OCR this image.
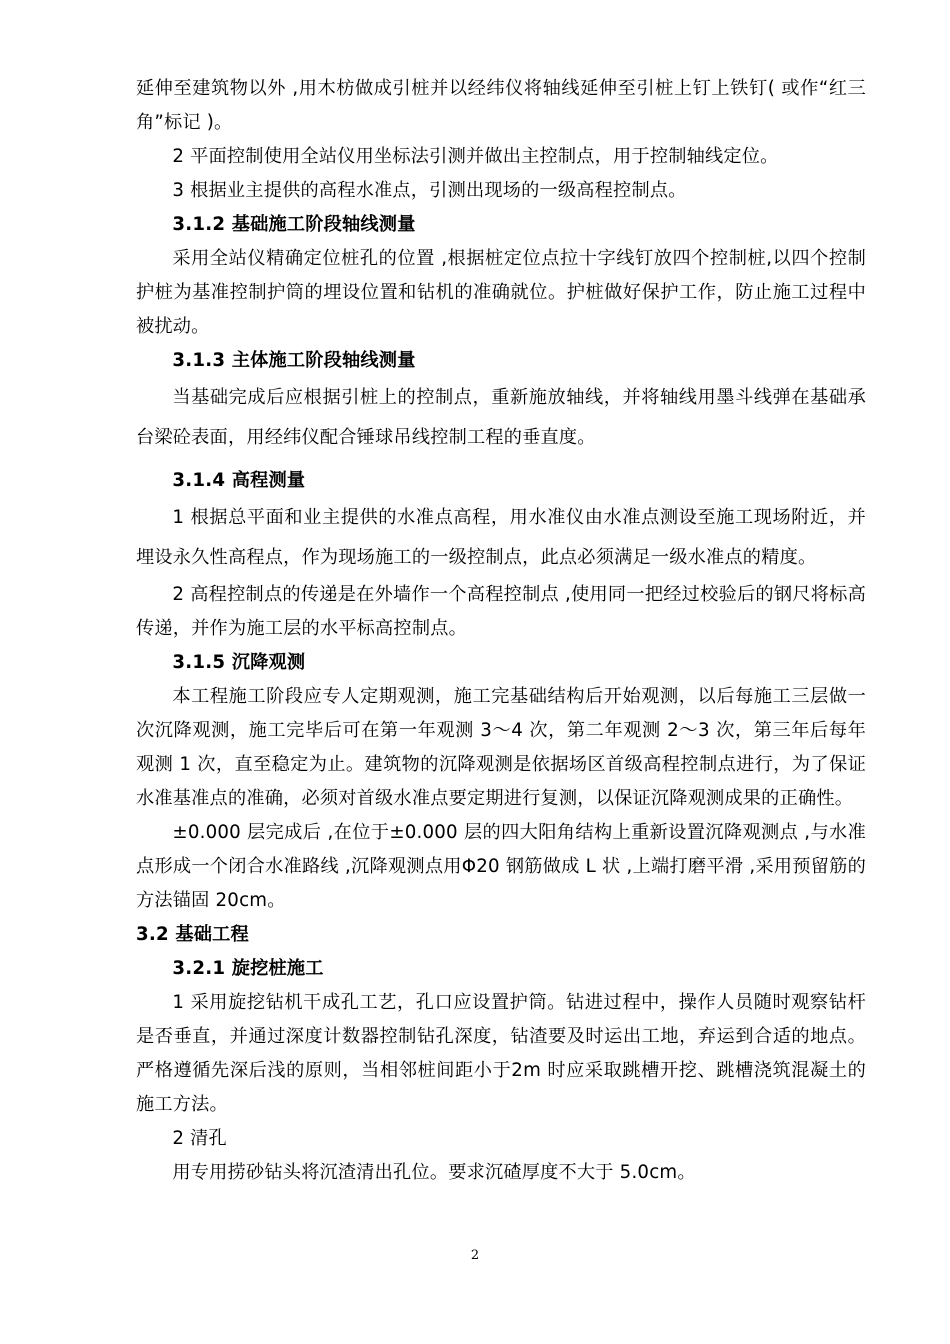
延伸至建筑物以外 ,用木枋做成引桩并以经纬仪将轴线延伸至引桩上钉上铁钉( 或作“红三角”标记 )。

2 平面控制使用全站仪用坐标法引测并做出主控制点，用于控制轴线定位。

3 根据业主提供的高程水准点，引测出现场的一级高程控制点。

3.1.2 基础施工阶段轴线测量

采用全站仪精确定位桩孔的位置 ,根据桩定位点拉十字线钉放四个控制桩,以四个控制护桩为基准控制护筒的埋设位置和钻机的准确就位。护桩做好保护工作，防止施工过程中被扰动。

3.1.3 主体施工阶段轴线测量

当基础完成后应根据引桩上的控制点，重新施放轴线，并将轴线用墨斗线弹在基础承台梁砼表面，用经纬仪配合锤球吊线控制工程的垂直度。

3.1.4 高程测量

1 根据总平面和业主提供的水准点高程，用水准仪由水准点测设至施工现场附近，并埋设永久性高程点，作为现场施工的一级控制点，此点必须满足一级水准点的精度。

2 高程控制点的传递是在外墙作一个高程控制点 ,使用同一把经过校验后的钢尺将标高传递，并作为施工层的水平标高控制点。

3.1.5 沉降观测

本工程施工阶段应专人定期观测，施工完基础结构后开始观测，以后每施工三层做一次沉降观测，施工完毕后可在第一年观测 3～4 次，第二年观测 2～3 次，第三年后每年观测 1 次，直至稳定为止。建筑物的沉降观测是依据场区首级高程控制点进行，为了保证水准基准点的准确，必须对首级水准点要定期进行复测，以保证沉降观测成果的正确性。

±0.000 层完成后 ,在位于±0.000 层的四大阳角结构上重新设置沉降观测点 ,与水准点形成一个闭合水准路线 ,沉降观测点用Φ20 钢筋做成 L 状 ,上端打磨平滑 ,采用预留筋的方法锚固 20cm。

3.2 基础工程

3.2.1 旋挖桩施工

1 采用旋挖钻机干成孔工艺，孔口应设置护筒。钻进过程中，操作人员随时观察钻杆是否垂直，并通过深度计数器控制钻孔深度，钻渣要及时运出工地，弃运到合适的地点。严格遵循先深后浅的原则，当相邻桩间距小于2m 时应采取跳槽开挖、跳槽浇筑混凝土的施工方法。

2 清孔

用专用捞砂钻头将沉渣清出孔位。要求沉碴厚度不大于 5.0cm。

2
